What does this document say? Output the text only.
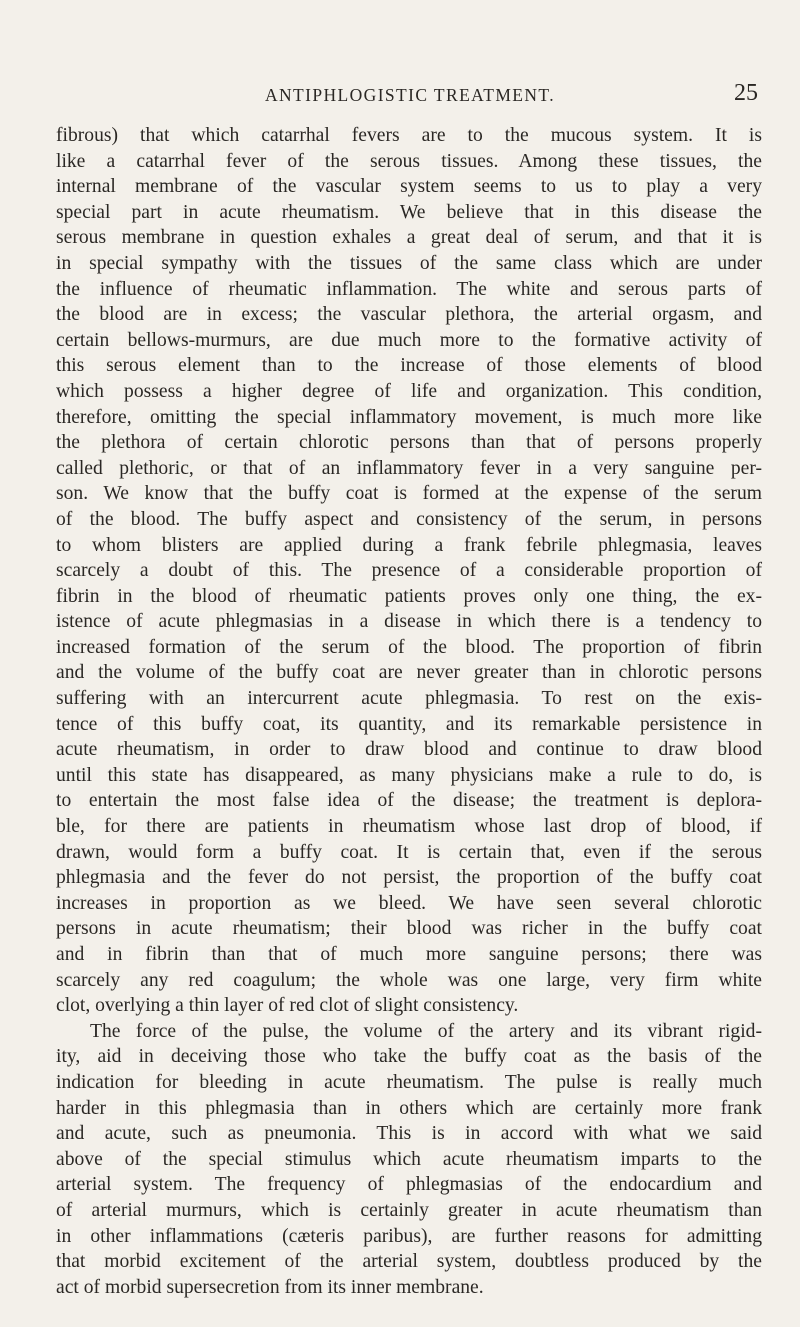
ANTIPHLOGISTIC TREATMENT.	25
fibrous) that which catarrhal fevers are to the mucous system. It is
like a catarrhal fever of the serous tissues. Among these tissues, the
internal membrane of the vascular system seems to us to play a very
special part in acute rheumatism. We believe that in this disease the
serous membrane in question exhales a great deal of serum, and that it is
in special sympathy with the tissues of the same class which are under
the influence of rheumatic inflammation. The white and serous parts of
the blood are in excess; the vascular plethora, the arterial orgasm, and
certain bellows-murmurs, are due much more to the formative activity of
this serous element than to the increase of those elements of blood
which possess a higher degree of life and organization. This condition,
therefore, omitting the special inflammatory movement, is much more like
the plethora of certain chlorotic persons than that of persons properly
called plethoric, or that of an inflammatory fever in a very sanguine per-
son. We know that the buffy coat is formed at the expense of the serum
of the blood. The buffy aspect and consistency of the serum, in persons
to whom blisters are applied during a frank febrile phlegmasia, leaves
scarcely a doubt of this. The presence of a considerable proportion of
fibrin in the blood of rheumatic patients proves only one thing, the ex-
istence of acute phlegmasias in a disease in which there is a tendency to
increased formation of the serum of the blood. The proportion of fibrin
and the volume of the buffy coat are never greater than in chlorotic persons
suffering with an intercurrent acute phlegmasia. To rest on the exis-
tence of this buffy coat, its quantity, and its remarkable persistence in
acute rheumatism, in order to draw blood and continue to draw blood
until this state has disappeared, as many physicians make a rule to do, is
to entertain the most false idea of the disease; the treatment is deplora-
ble, for there are patients in rheumatism whose last drop of blood, if
drawn, would form a buffy coat. It is certain that, even if the serous
phlegmasia and the fever do not persist, the proportion of the buffy coat
increases in proportion as we bleed. We have seen several chlorotic
persons in acute rheumatism; their blood was richer in the buffy coat
and in fibrin than that of much more sanguine persons; there was
scarcely any red coagulum; the whole was one large, very firm white
clot, overlying a thin layer of red clot of slight consistency.
The force of the pulse, the volume of the artery and its vibrant rigid-
ity, aid in deceiving those who take the buffy coat as the basis of the
indication for bleeding in acute rheumatism. The pulse is really much
harder in this phlegmasia than in others which are certainly more frank
and acute, such as pneumonia. This is in accord with what we said
above of the special stimulus which acute rheumatism imparts to the
arterial system. The frequency of phlegmasias of the endocardium and
of arterial murmurs, which is certainly greater in acute rheumatism than
in other inflammations (cæteris paribus), are further reasons for admitting
that morbid excitement of the arterial system, doubtless produced by the
act of morbid supersecretion from its inner membrane.
